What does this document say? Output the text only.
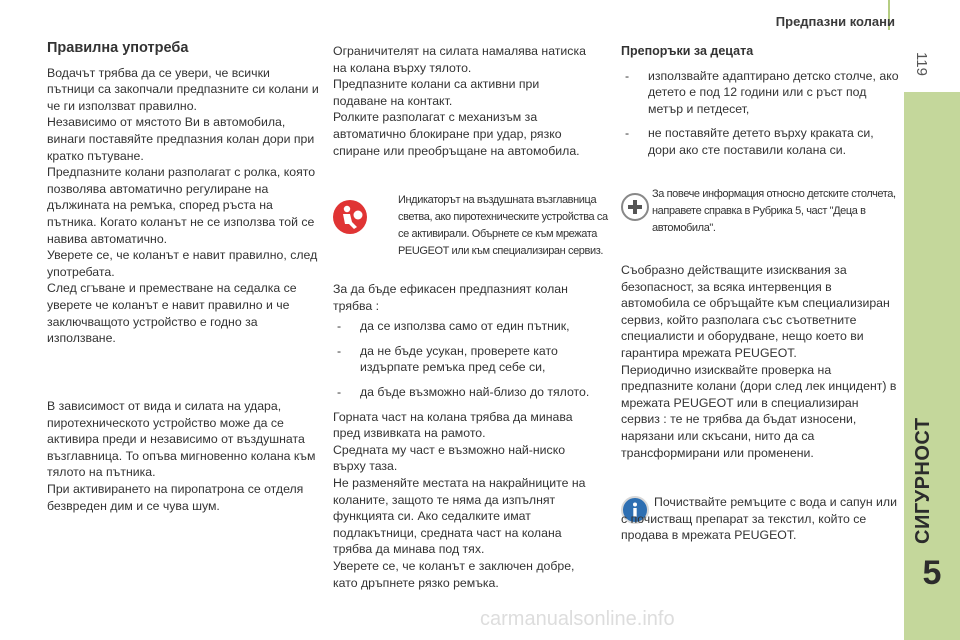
Предпазни колани
119
СИГУРНОСТ
5

Правилна употреба

Водачът трябва да се увери, че всички пътници са закопчали предпазните си колани и че ги използват правилно.

Независимо от мястото Ви в автомобила, винаги поставяйте предпазния колан дори при кратко пътуване.

Предпазните колани разполагат с ролка, която позволява автоматично регулиране на дължината на ремъка, според ръста на пътника. Когато коланът не се използва той се навива автоматично.

Уверете се, че коланът е навит правилно, след употребата.

След сгъване и преместване на седалка се уверете че коланът е навит правилно и че заключващото устройство е годно за използване.

В зависимост от вида и силата на удара, пиротехническото устройство може да се активира преди и независимо от въздушната възглавница. То опъва мигновенно колана към тялото на пътника.

При активирането на пиропатрона се отделя безвреден дим и се чува шум.

Ограничителят на силата намалява натиска на колана върху тялото.

Предпазните колани са активни при подаване на контакт.

Ролките разполагат с механизъм за автоматично блокиране при удар, рязко спиране или преобръщане на автомобила.

Индикаторът на въздушната възглавница светва, ако пиротехническите устройства са се активирали. Обърнете се към мрежата PEUGEOT или към специализиран сервиз.

За да бъде ефикасен предпазният колан трябва :

- да се използва само от един пътник,

- да не бъде усукан, проверете като издърпате ремъка пред себе си,

- да бъде възможно най-близо до тялото.

Горната част на колана трябва да минава пред извивката на рамото.

Средната му част е възможно най-ниско върху таза.

Не разменяйте местата на накрайниците на коланите, защото те няма да изпълнят функцията си. Ако седалките имат подлакътници, средната част на колана трябва да минава под тях.

Уверете се, че коланът е заключен добре, като дръпнете рязко ремъка.

Препоръки за децата

- използвайте адаптирано детско столче, ако детето е под 12 години или с ръст под метър и петдесет,

- не поставяйте детето върху краката си, дори ако сте поставили колана си.

За повече информация относно детските столчета, направете справка в Рубрика 5, част "Деца в автомобила".

Съобразно действащите изисквания за безопасност, за всяка интервенция в автомобила се обръщайте към специализиран сервиз, който разполага със съответните специалисти и оборудване, нещо което ви гарантира мрежата PEUGEOT.

Периодично изисквайте проверка на предпазните колани (дори след лек инцидент) в мрежата PEUGEOT или в специализиран сервиз : те не трябва да бъдат износени, нарязани или скъсани, нито да са трансформирани или променени.

Почиствайте ремъците с вода и сапун или с почистващ препарат за текстил, който се продава в мрежата PEUGEOT.

carmanualsonline.info
